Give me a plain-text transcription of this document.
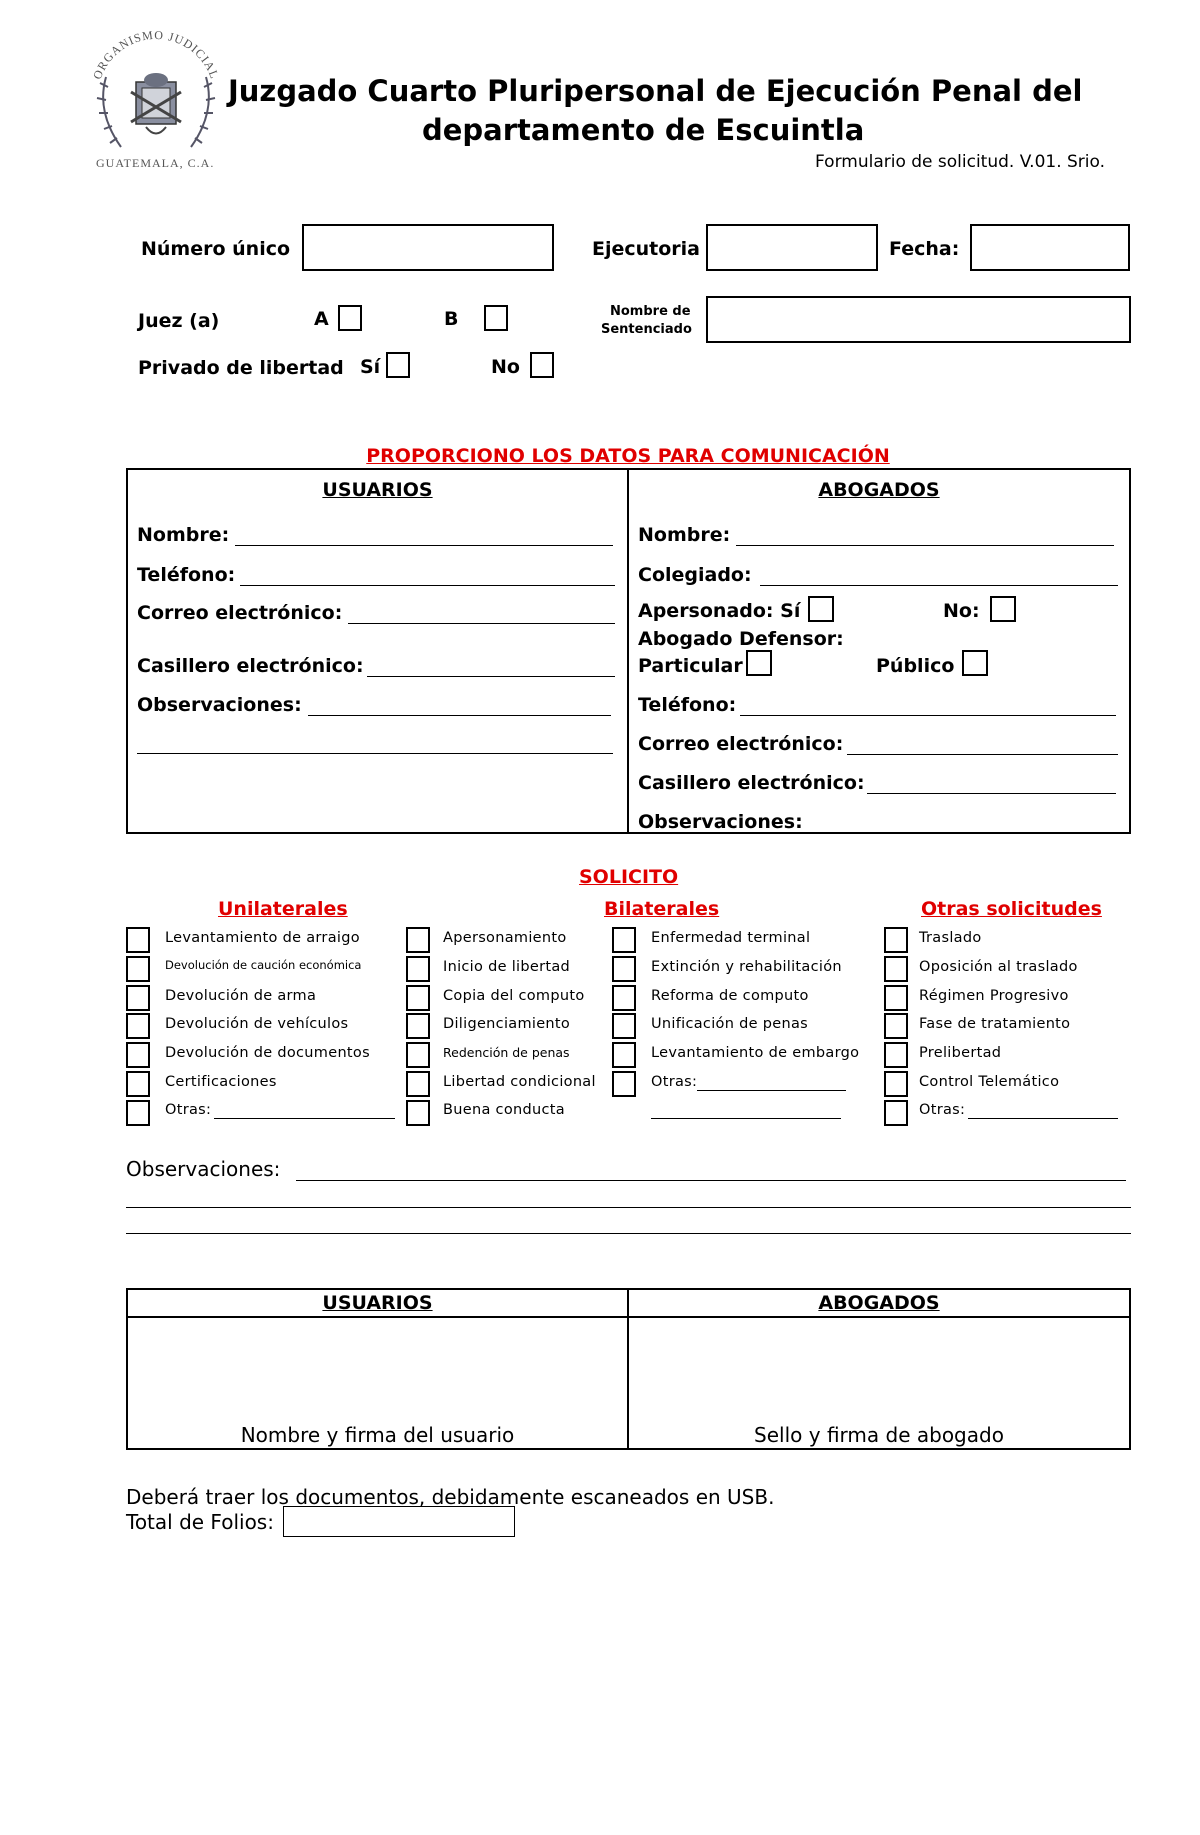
ORGANISMO JUDICIAL
GUATEMALA, C.A.
Juzgado Cuarto Pluripersonal de Ejecución Penal del
departamento de Escuintla
Formulario de solicitud. V.01. Srio.
Número único	Ejecutoria	Fecha:
Juez (a)	A	B	Nombre de
Sentenciado
Privado de libertad Sí	No
PROPORCIONO LOS DATOS PARA COMUNICACIÓN
USUARIOS	ABOGADOS
Nombre:
Teléfono:
Correo electrónico:
Casillero electrónico:
Observaciones:
Nombre:
Colegiado:
Apersonado: Sí	No:
Abogado Defensor:
Particular	Público
Teléfono:
Correo electrónico:
Casillero electrónico:
Observaciones:
SOLICITO
Unilaterales	Bilaterales	Otras solicitudes
Levantamiento de arraigo
Devolución de caución económica
Devolución de arma
Devolución de vehículos
Devolución de documentos
Certificaciones
Otras:
Apersonamiento
Inicio de libertad
Copia del computo
Diligenciamiento
Redención de penas
Libertad condicional
Buena conducta
Enfermedad terminal
Extinción y rehabilitación
Reforma de computo
Unificación de penas
Levantamiento de embargo
Otras:
Traslado
Oposición al traslado
Régimen Progresivo
Fase de tratamiento
Prelibertad
Control Telemático
Otras:
Observaciones:
USUARIOS	ABOGADOS
Nombre y firma del usuario	Sello y firma de abogado
Deberá traer los documentos, debidamente escaneados en USB.
Total de Folios:
